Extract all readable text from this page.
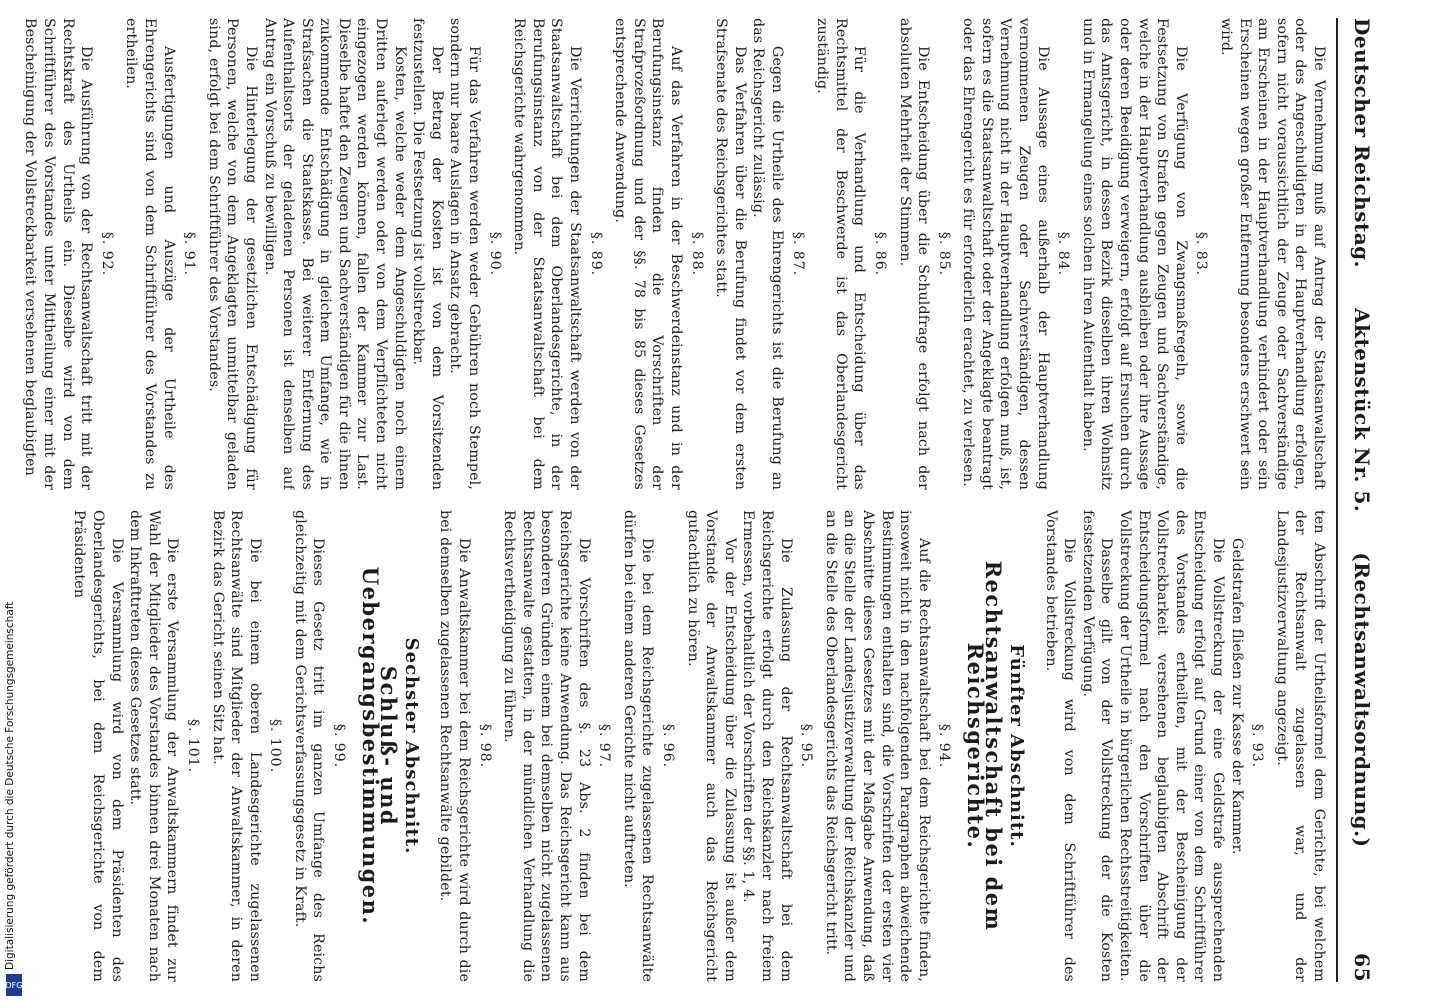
Deutscher Reichstag.
Aktenstück Nr. 5.
(Rechtsanwaltsordnung.)
65

Die Vernehmung muß auf Antrag der Staatsanwaltschaft oder des Angeschuldigten in der Hauptverhandlung erfolgen, sofern nicht voraussichtlich der Zeuge oder Sachverständige am Erscheinen in der Hauptverhandlung verhindert oder sein Erscheinen wegen großer Entfernung besonders erschwert sein wird.

§. 83.

Die Verfügung von Zwangsmaßregeln, sowie die Festsetzung von Strafen gegen Zeugen und Sachverständige, welche in der Hauptverhandlung ausbleiben oder ihre Aussage oder deren Beeidigung verweigern, erfolgt auf Ersuchen durch das Amtsgericht, in dessen Bezirk dieselben ihren Wohnsitz und in Ermangelung eines solchen ihren Aufenthalt haben.

§. 84.

Die Aussage eines außerhalb der Hauptverhandlung vernommenen Zeugen oder Sachverständigen, dessen Vernehmung nicht in der Hauptverhandlung erfolgen muß, ist, sofern es die Staatsanwaltschaft oder der Angeklagte beantragt oder das Ehrengericht es für erforderlich erachtet, zu verlesen.

§. 85.

Die Entscheidung über die Schuldfrage erfolgt nach der absoluten Mehrheit der Stimmen.

§. 86.

Für die Verhandlung und Entscheidung über das Rechtsmittel der Beschwerde ist das Oberlandesgericht zuständig.

§. 87.

Gegen die Urtheile des Ehrengerichts ist die Berufung an das Reichsgericht zulässig.

Das Verfahren über die Berufung findet vor dem ersten Strafsenate des Reichsgerichtes statt.

§. 88.

Auf das Verfahren in der Beschwerdeinstanz und in der Berufungsinstanz finden die Vorschriften der Strafprozeßordnung und der §§. 78 bis 85 dieses Gesetzes entsprechende Anwendung.

§. 89.

Die Verrichtungen der Staatsanwaltschaft werden von der Staatsanwaltschaft bei dem Oberlandesgerichte, in der Berufungsinstanz von der Staatsanwaltschaft bei dem Reichsgerichte wahrgenommen.

§. 90.

Für das Verfahren werden weder Gebühren noch Stempel, sondern nur baare Auslagen in Ansatz gebracht.

Der Betrag der Kosten ist von dem Vorsitzenden festzustellen. Die Festsetzung ist vollstreckbar.

Kosten, welche weder dem Angeschuldigten noch einem Dritten auferlegt werden oder von dem Verpflichteten nicht eingezogen werden können, fallen der Kammer zur Last. Dieselbe haftet den Zeugen und Sachverständigen für die ihnen zukommende Entschädigung in gleichem Umfange, wie in Strafsachen die Staatskasse. Bei weiterer Entfernung des Aufenthaltsorts der geladenen Personen ist denselben auf Antrag ein Vorschuß zu bewilligen.

Die Hinterlegung der gesetzlichen Entschädigung für Personen, welche von dem Angeklagten unmittelbar geladen sind, erfolgt bei dem Schriftführer des Vorstandes.

§. 91.

Ausfertigungen und Auszüge der Urtheile des Ehrengerichts sind von dem Schriftführer des Vorstandes zu ertheilen.

§. 92.

Die Ausführung von der Rechtsanwaltschaft tritt mit der Rechtskraft des Urtheils ein. Dieselbe wird von dem Schriftführer des Vorstandes unter Mittheilung einer mit der Bescheinigung der Vollstreckbarkeit versehenen beglaubigten

ten Abschrift der Urtheilsformel dem Gerichte, bei welchem der Rechtsanwalt zugelassen war, und der Landesjustizverwaltung angezeigt.

§. 93.

Geldstrafen fließen zur Kasse der Kammer.

Die Vollstreckung der eine Geldstrafe aussprechenden Entscheidung erfolgt auf Grund einer von dem Schriftführer des Vorstandes ertheilten, mit der Bescheinigung der Vollstreckbarkeit versehenen beglaubigten Abschrift der Entscheidungsformel nach den Vorschriften über die Vollstreckung der Urtheile in bürgerlichen Rechtsstreitigkeiten.

Dasselbe gilt von der Vollstreckung der die Kosten festsetzenden Verfügung.

Die Vollstreckung wird von dem Schriftführer des Vorstandes betrieben.

Fünfter Abschnitt.
Rechtsanwaltschaft bei dem Reichsgerichte.
§. 94.

Auf die Rechtsanwaltschaft bei dem Reichsgerichte finden, insoweit nicht in den nachfolgenden Paragraphen abweichende Bestimmungen enthalten sind, die Vorschriften der ersten vier Abschnitte dieses Gesetzes mit der Maßgabe Anwendung, daß an die Stelle der Landesjustizverwaltung der Reichskanzler und an die Stelle des Oberlandesgerichts das Reichsgericht tritt.

§. 95.

Die Zulassung der Rechtsanwaltschaft bei dem Reichsgerichte erfolgt durch den Reichskanzler nach freiem Ermessen, vorbehaltlich der Vorschriften der §§. 1, 4.

Vor der Entscheidung über die Zulassung ist außer dem Vorstande der Anwaltskammer auch das Reichsgericht gutachtlich zu hören.

§. 96.

Die bei dem Reichsgerichte zugelassenen Rechtsanwälte dürfen bei einem anderen Gerichte nicht auftreten.

§. 97.

Die Vorschriften des §. 23 Abs. 2 finden bei dem Reichsgerichte keine Anwendung. Das Reichsgericht kann aus besonderen Gründen einem bei demselben nicht zugelassenen Rechtsanwalte gestatten, in der mündlichen Verhandlung die Rechtsvertheidigung zu führen.

§. 98.

Die Anwaltskammer bei dem Reichsgerichte wird durch die bei demselben zugelassenen Rechtsanwälte gebildet.

Sechster Abschnitt.
Schluß- und Uebergangsbestimmungen.
§. 99.

Dieses Gesetz tritt im ganzen Umfange des Reichs gleichzeitig mit dem Gerichtsverfassungsgesetz in Kraft.

§. 100.

Die bei einem oberen Landesgerichte zugelassenen Rechtsanwälte sind Mitglieder der Anwaltskammer, in deren Bezirk das Gericht seinen Sitz hat.

§. 101.

Die erste Versammlung der Anwaltskammern findet zur Wahl der Mitglieder des Vorstandes binnen drei Monaten nach dem Inkrafttreten dieses Gesetzes statt.

Die Versammlung wird von dem Präsidenten des Oberlandesgerichts, bei dem Reichsgerichte von dem Präsidenten

Digitalisierung gefördert durch die Deutsche Forschungsgemeinschaft
DFG
